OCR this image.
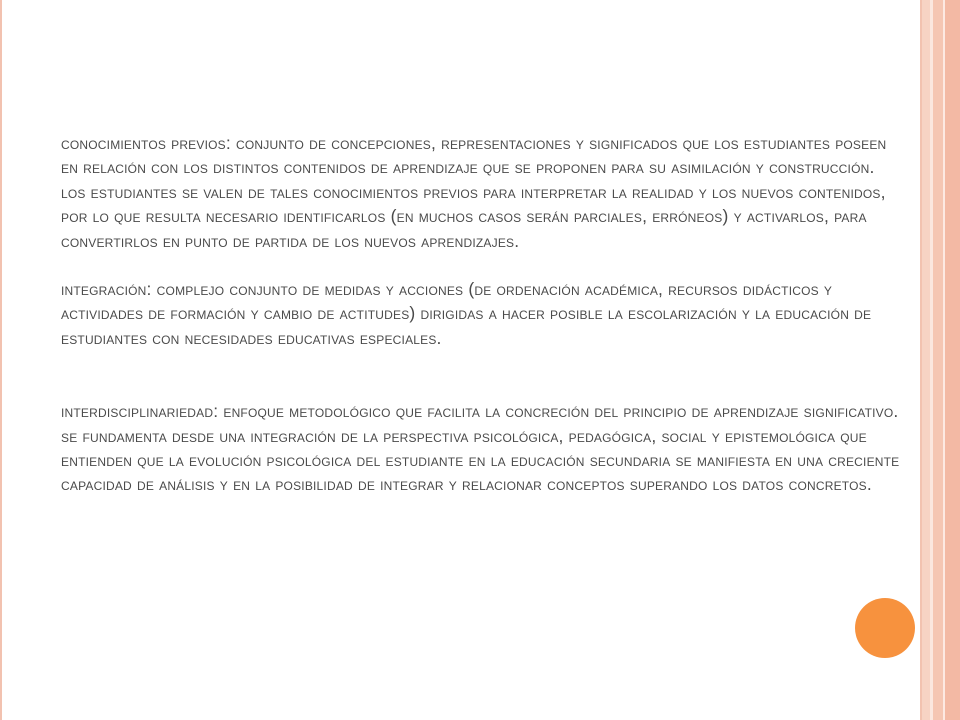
conocimientos previos: conjunto de concepciones, representaciones y significados que los estudiantes poseen en relación con los distintos contenidos de aprendizaje que se proponen para su asimilación y construcción. los estudiantes se valen de tales conocimientos previos para interpretar la realidad y los nuevos contenidos, por lo que resulta necesario identificarlos (en muchos casos serán parciales, erróneos) y activarlos, para convertirlos en punto de partida de los nuevos aprendizajes.

integración: complejo conjunto de medidas y acciones (de ordenación académica, recursos didácticos y actividades de formación y cambio de actitudes) dirigidas a hacer posible la escolarización y la educación de estudiantes con necesidades educativas especiales.

interdisciplinariedad: enfoque metodológico que facilita la concreción del principio de aprendizaje significativo. se fundamenta desde una integración de la perspectiva psicológica, pedagógica, social y epistemológica que entienden que la evolución psicológica del estudiante en la educación secundaria se manifiesta en una creciente capacidad de análisis y en la posibilidad de integrar y relacionar conceptos superando los datos concretos.
